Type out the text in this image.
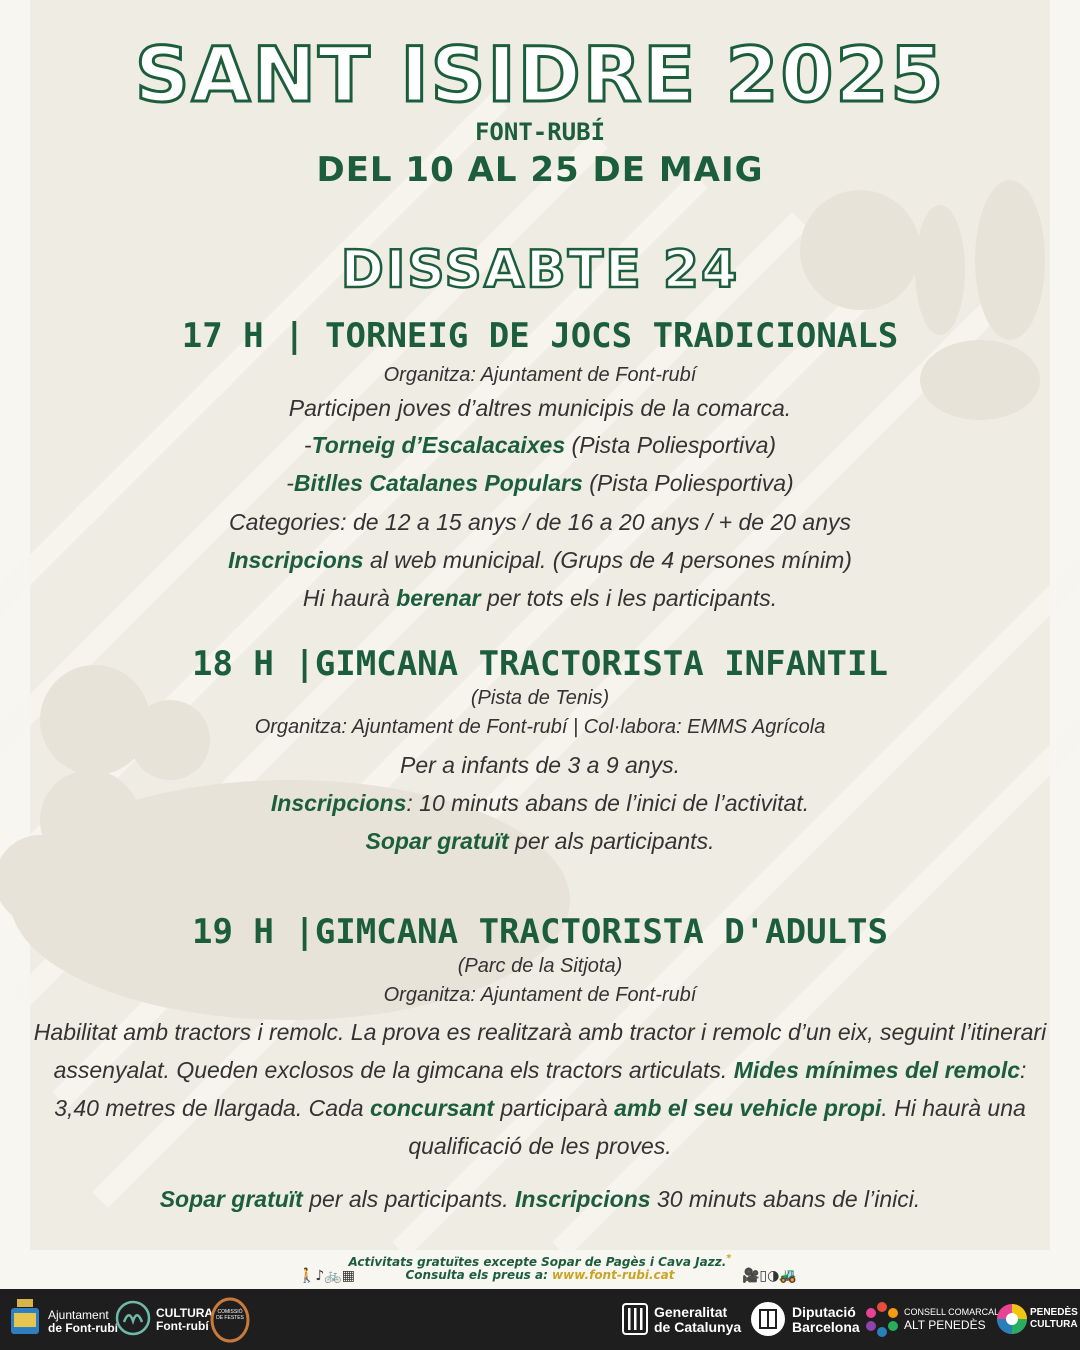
SANT ISIDRE 2025
FONT-RUBÍ
DEL 10 AL 25 DE MAIG
DISSABTE 24
17 H | TORNEIG DE JOCS TRADICIONALS
Organitza: Ajuntament de Font-rubí
Participen joves d’altres municipis de la comarca.
-Torneig d’Escalacaixes (Pista Poliesportiva)
-Bitlles Catalanes Populars (Pista Poliesportiva)
Categories: de 12 a 15 anys / de 16 a 20 anys / + de 20 anys
Inscripcions al web municipal. (Grups de 4 persones mínim)
Hi haurà berenar per tots els i les participants.
18 H |GIMCANA TRACTORISTA INFANTIL
(Pista de Tenis)
Organitza: Ajuntament de Font-rubí | Col·labora: EMMS Agrícola
Per a infants de 3 a 9 anys.
Inscripcions: 10 minuts abans de l’inici de l’activitat.
Sopar gratuït per als participants.
19 H |GIMCANA TRACTORISTA D'ADULTS
(Parc de la Sitjota)
Organitza: Ajuntament de Font-rubí
Habilitat amb tractors i remolc. La prova es realitzarà amb tractor i remolc d’un eix, seguint l’itinerari assenyalat. Queden exclosos de la gimcana els tractors articulats. Mides mínimes del remolc: 3,40 metres de llargada. Cada concursant participarà amb el seu vehicle propi. Hi haurà una qualificació de les proves.
Sopar gratuït per als participants. Inscripcions 30 minuts abans de l’inici.
Activitats gratuïtes excepte Sopar de Pagès i Cava Jazz.*
Consulta els preus a: www.font-rubi.cat
🚶♪🚲▦	🎥▯◑🚜
Ajuntament
de Font-rubí
CULTURA
Font-rubí
COMISSIÓ
DE FESTES	Generalitat
de Catalunya
Diputació
Barcelona
CONSELL COMARCAL
ALT PENEDÈS
PENEDÈS
CULTURA
